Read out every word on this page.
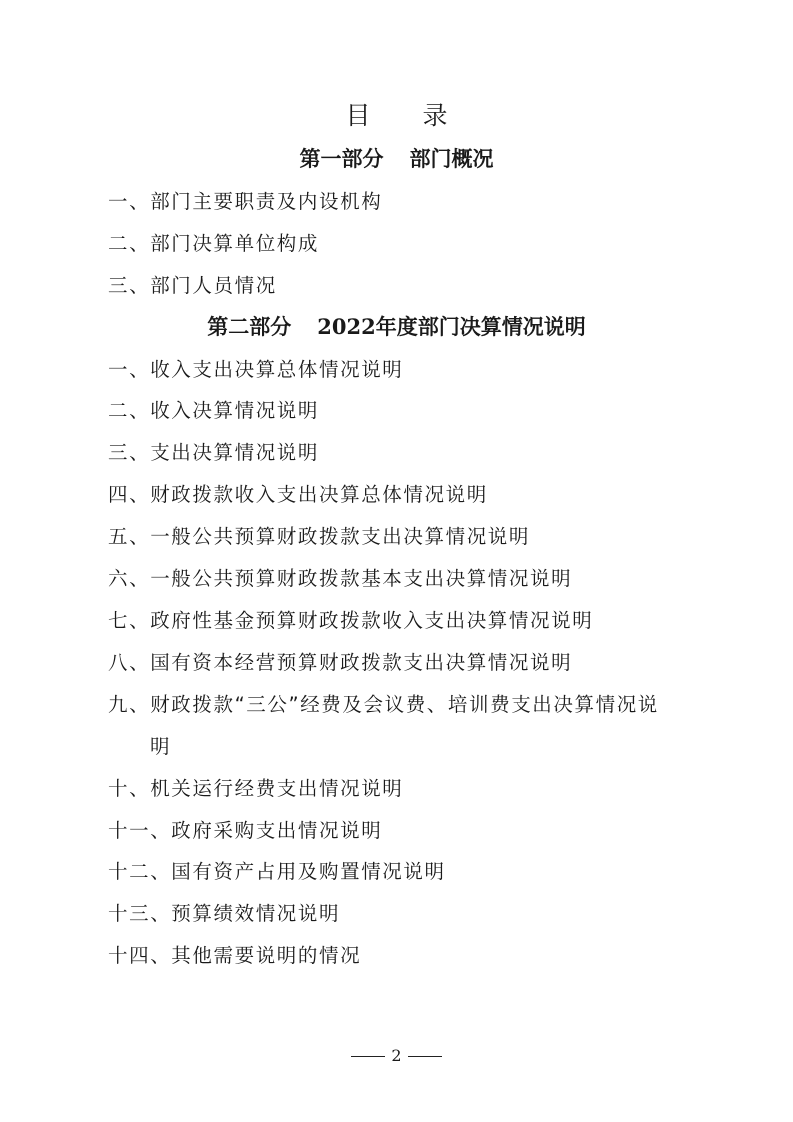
目 录
第一部分 部门概况
一、部门主要职责及内设机构
二、部门决算单位构成
三、部门人员情况
第二部分 2022年度部门决算情况说明
一、收入支出决算总体情况说明
二、收入决算情况说明
三、支出决算情况说明
四、财政拨款收入支出决算总体情况说明
五、一般公共预算财政拨款支出决算情况说明
六、一般公共预算财政拨款基本支出决算情况说明
七、政府性基金预算财政拨款收入支出决算情况说明
八、国有资本经营预算财政拨款支出决算情况说明
九、财政拨款“三公”经费及会议费、培训费支出决算情况说
明
十、机关运行经费支出情况说明
十一、政府采购支出情况说明
十二、国有资产占用及购置情况说明
十三、预算绩效情况说明
十四、其他需要说明的情况
2
